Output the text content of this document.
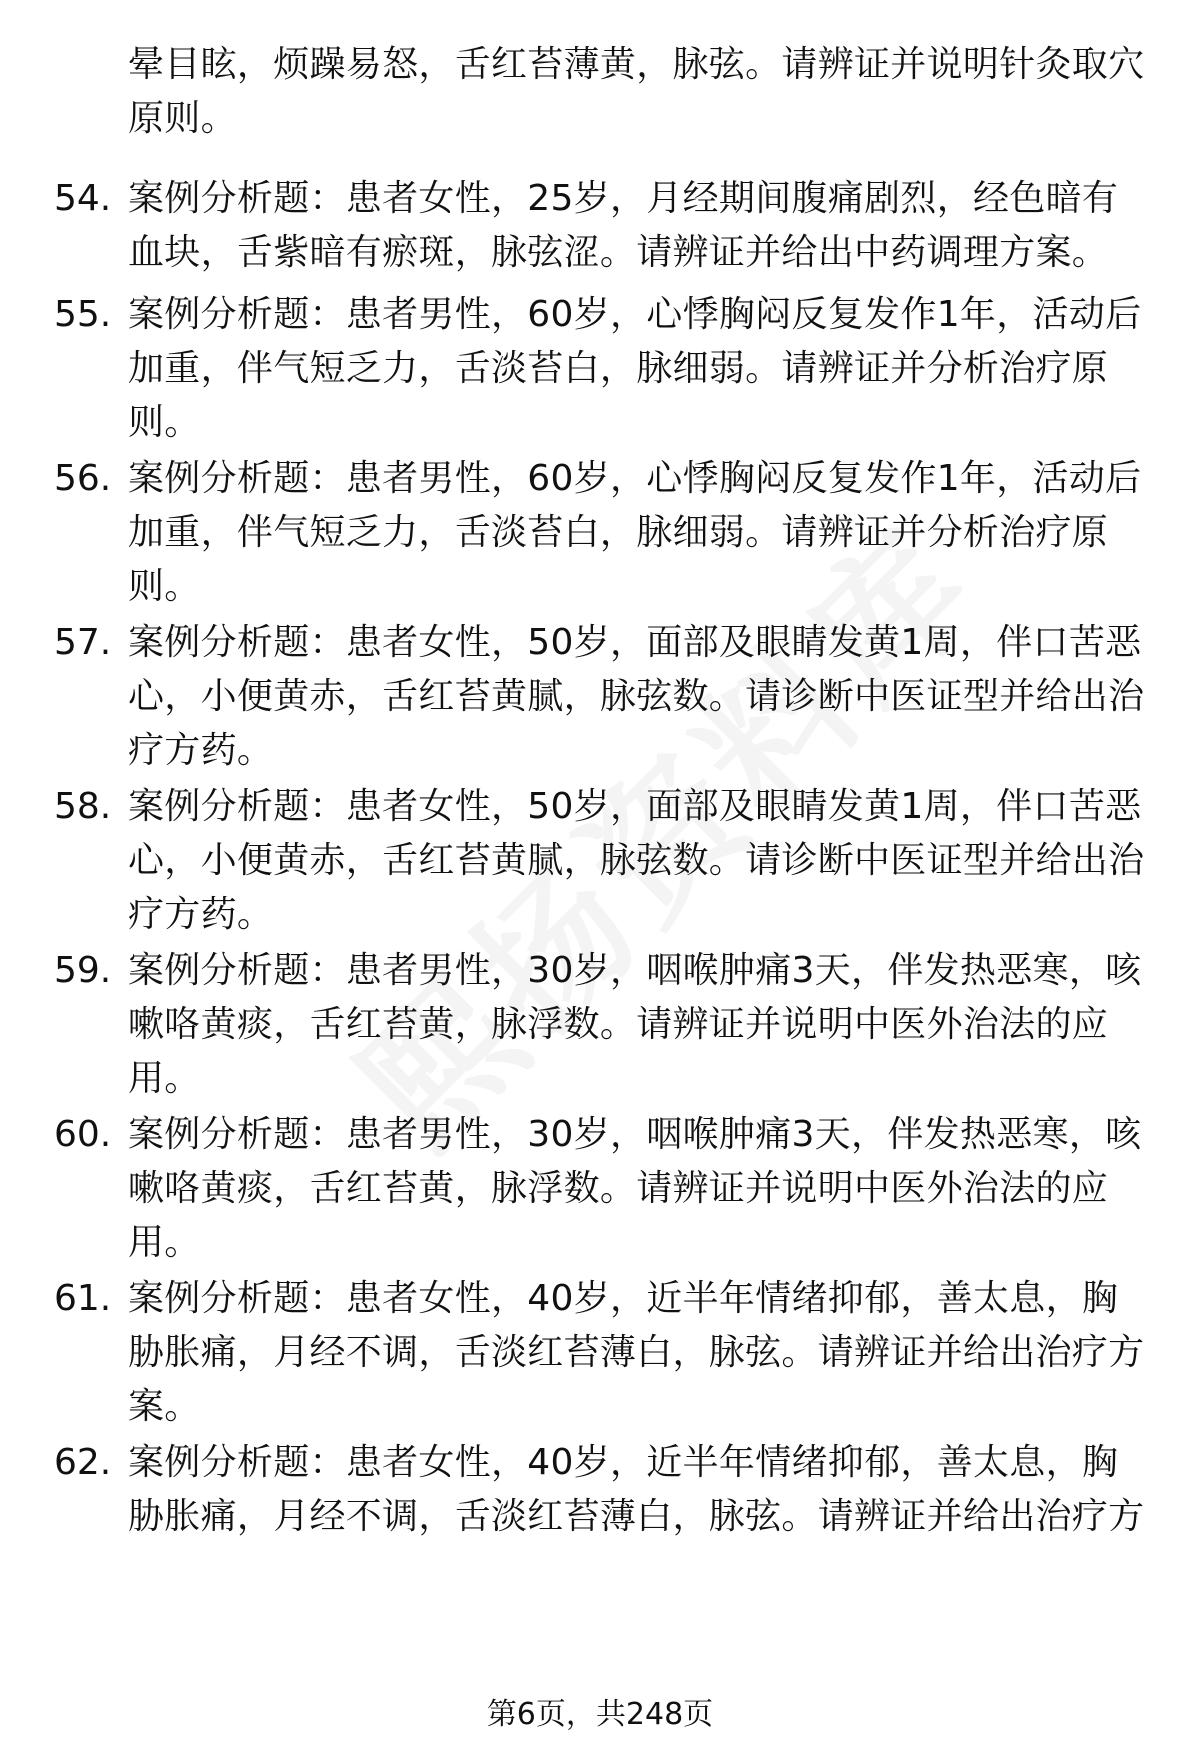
晕目眩，烦躁易怒，舌红苔薄黄，脉弦。请辨证并说明针灸取穴原则。
54. 案例分析题：患者女性，25岁，月经期间腹痛剧烈，经色暗有血块，舌紫暗有瘀斑，脉弦涩。请辨证并给出中药调理方案。
55. 案例分析题：患者男性，60岁，心悸胸闷反复发作1年，活动后加重，伴气短乏力，舌淡苔白，脉细弱。请辨证并分析治疗原则。
56. 案例分析题：患者男性，60岁，心悸胸闷反复发作1年，活动后加重，伴气短乏力，舌淡苔白，脉细弱。请辨证并分析治疗原则。
57. 案例分析题：患者女性，50岁，面部及眼睛发黄1周，伴口苦恶心，小便黄赤，舌红苔黄腻，脉弦数。请诊断中医证型并给出治疗方药。
58. 案例分析题：患者女性，50岁，面部及眼睛发黄1周，伴口苦恶心，小便黄赤，舌红苔黄腻，脉弦数。请诊断中医证型并给出治疗方药。
59. 案例分析题：患者男性，30岁，咽喉肿痛3天，伴发热恶寒，咳嗽咯黄痰，舌红苔黄，脉浮数。请辨证并说明中医外治法的应用。
60. 案例分析题：患者男性，30岁，咽喉肿痛3天，伴发热恶寒，咳嗽咯黄痰，舌红苔黄，脉浮数。请辨证并说明中医外治法的应用。
61. 案例分析题：患者女性，40岁，近半年情绪抑郁，善太息，胸胁胀痛，月经不调，舌淡红苔薄白，脉弦。请辨证并给出治疗方案。
62. 案例分析题：患者女性，40岁，近半年情绪抑郁，善太息，胸胁胀痛，月经不调，舌淡红苔薄白，脉弦。请辨证并给出治疗方
第6页，共248页
